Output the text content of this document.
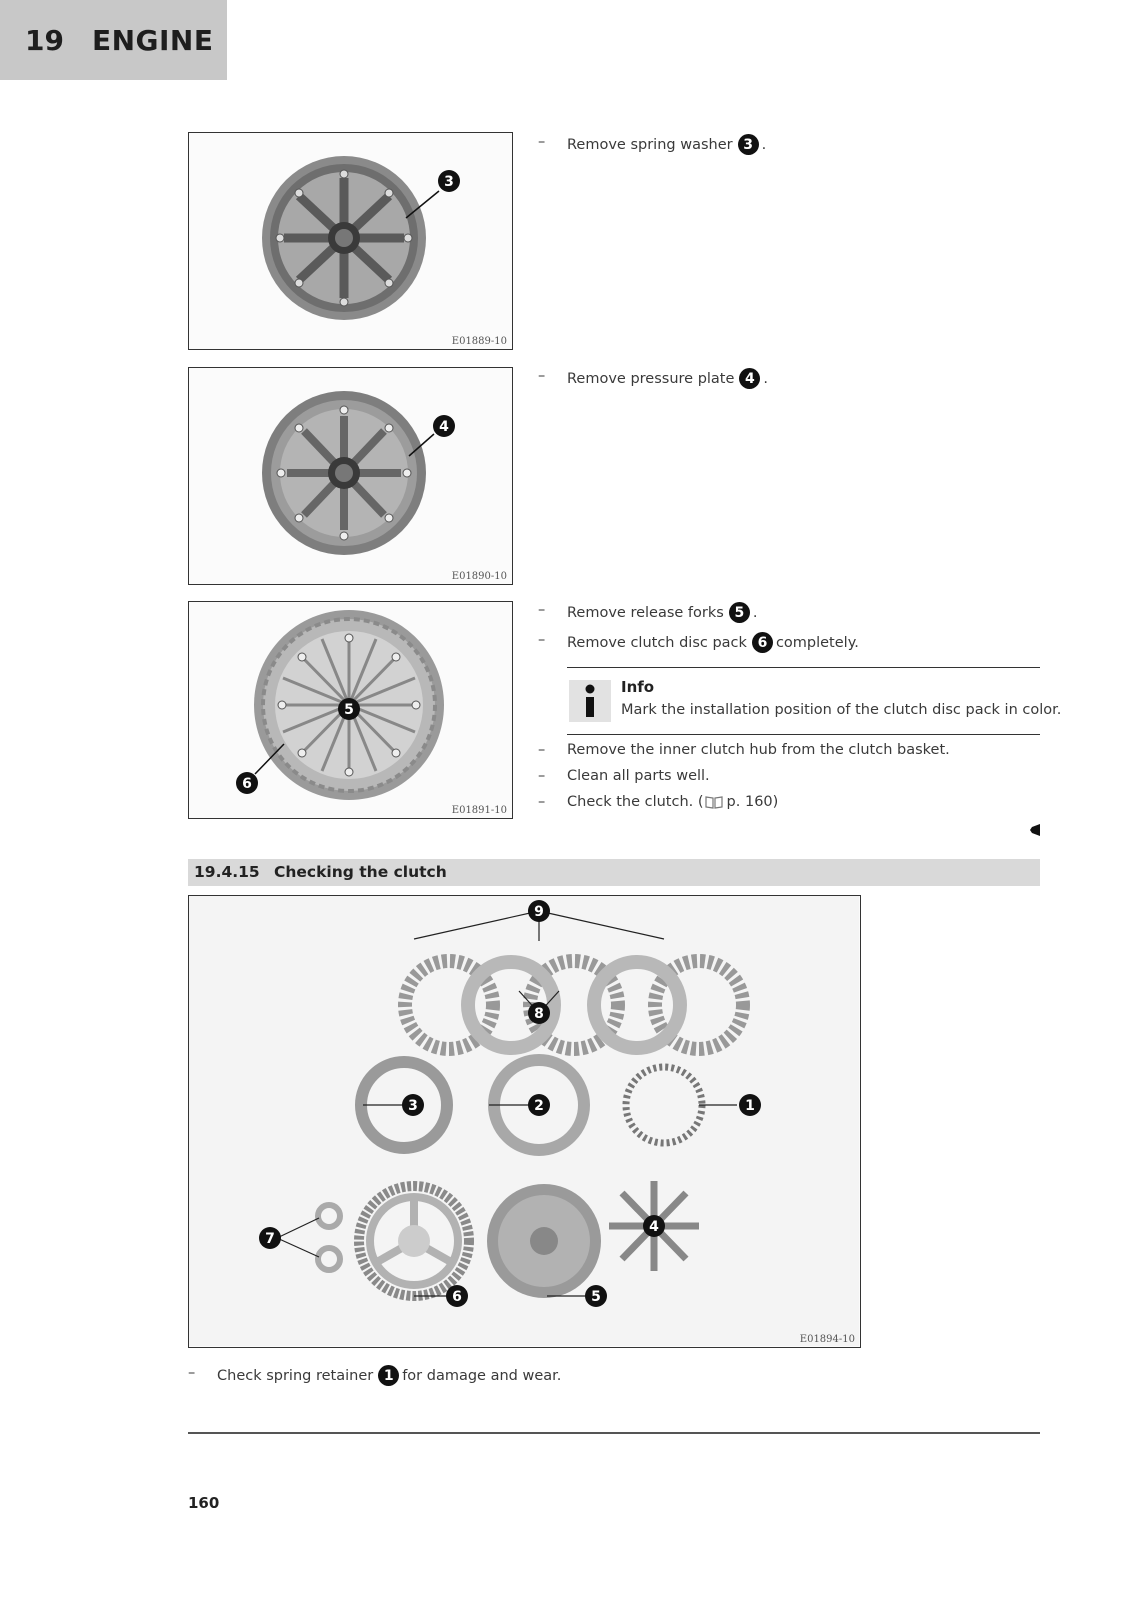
19 ENGINE
3
E01889-10
4
E01890-10
5
6
E01891-10
– Remove spring washer 3 .
– Remove pressure plate 4 .
– Remove release forks 5 .
– Remove clutch disc pack 6 completely.
Info
Mark the installation position of the clutch disc pack in color.
– Remove the inner clutch hub from the clutch basket.
– Clean all parts well.
– Check the clutch. ( p. 160)
19.4.15 Checking the clutch
9
8
3	2	1
7
6	5
4
E01894-10
– Check spring retainer 1 for damage and wear.
160
